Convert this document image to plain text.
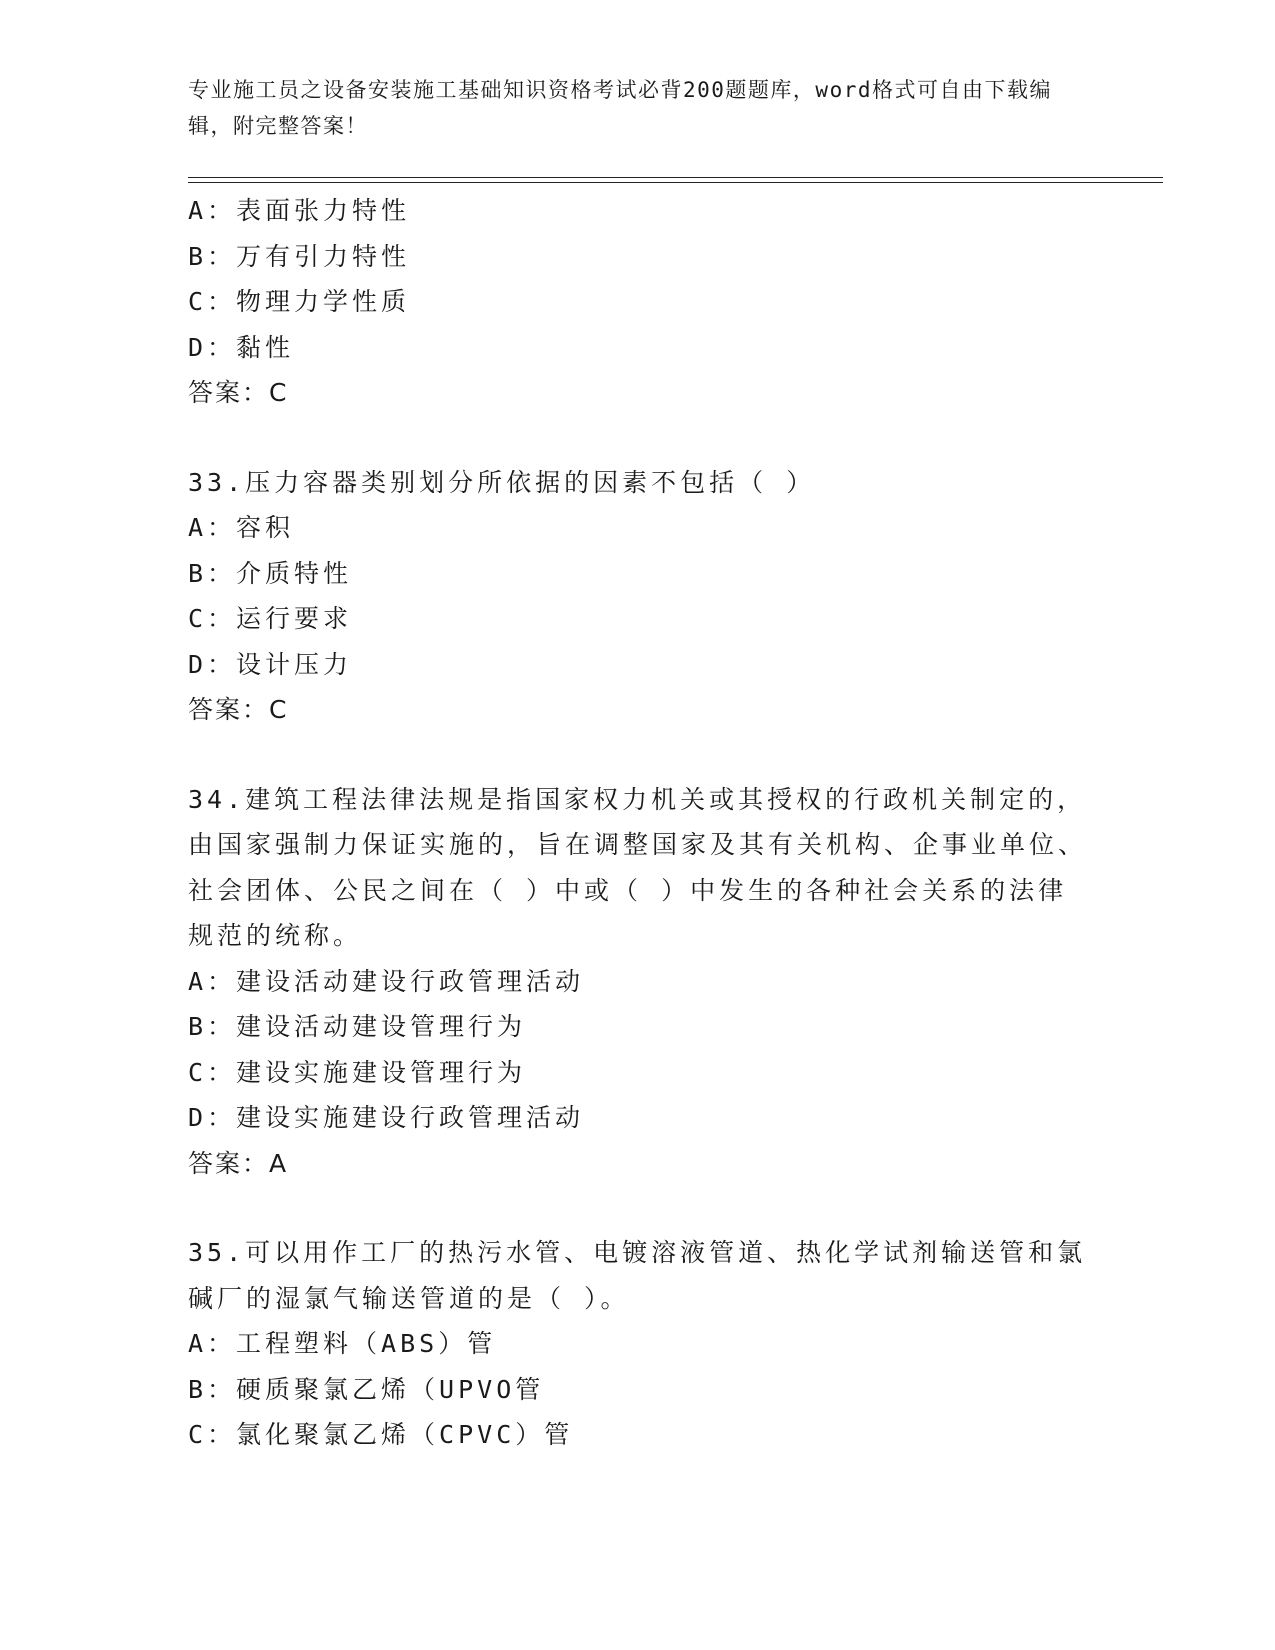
专业施工员之设备安装施工基础知识资格考试必背200题题库，word格式可自由下载编辑，附完整答案！
A：表面张力特性
B：万有引力特性
C：物理力学性质
D：黏性
答案：C
33.压力容器类别划分所依据的因素不包括（ ）
A：容积
B：介质特性
C：运行要求
D：设计压力
答案：C
34.建筑工程法律法规是指国家权力机关或其授权的行政机关制定的，由国家强制力保证实施的，旨在调整国家及其有关机构、企事业单位、社会团体、公民之间在（ ）中或（ ）中发生的各种社会关系的法律规范的统称。
A：建设活动建设行政管理活动
B：建设活动建设管理行为
C：建设实施建设管理行为
D：建设实施建设行政管理活动
答案：A
35.可以用作工厂的热污水管、电镀溶液管道、热化学试剂输送管和氯碱厂的湿氯气输送管道的是（ ）。
A：工程塑料（ABS）管
B：硬质聚氯乙烯（UPVO管
C：氯化聚氯乙烯（CPVC）管
